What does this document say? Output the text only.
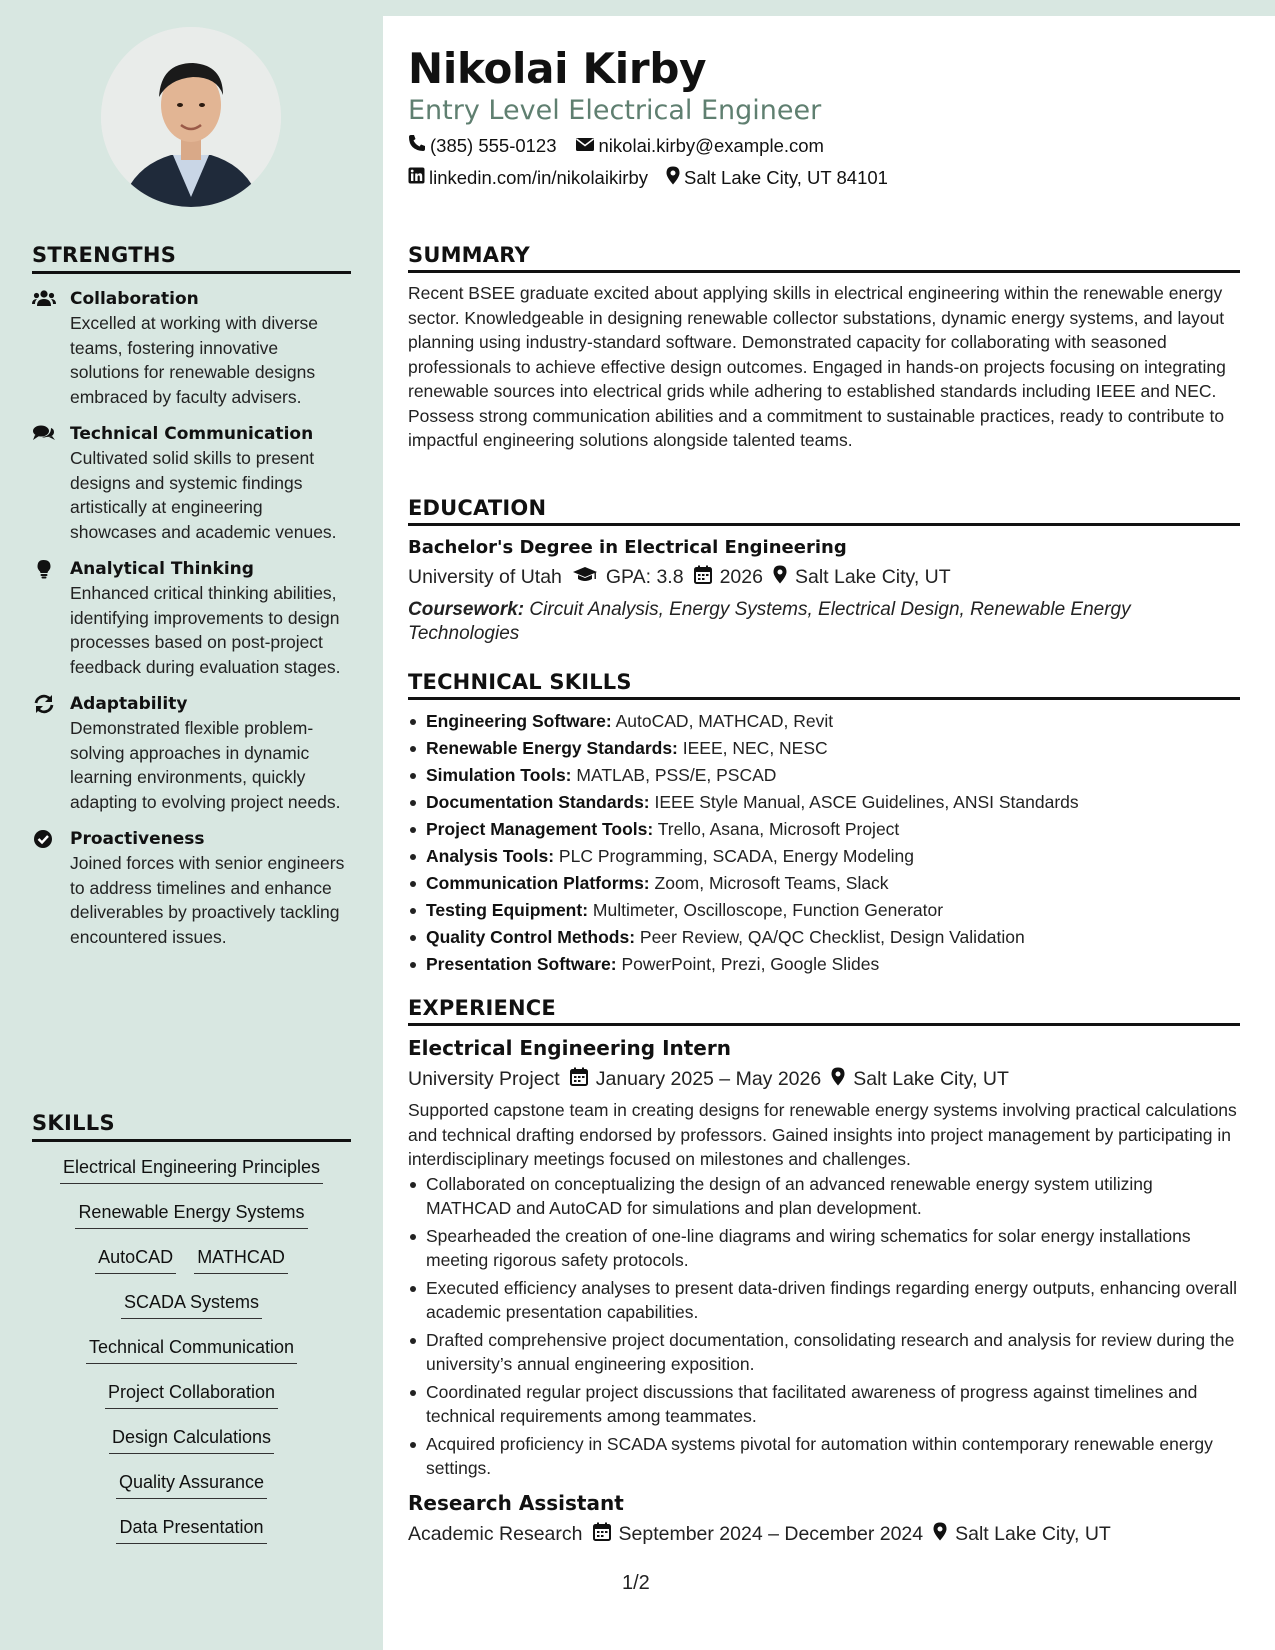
STRENGTHS
Collaboration
Excelled at working with diverse teams, fostering innovative solutions for renewable designs embraced by faculty advisers.
Technical Communication
Cultivated solid skills to present designs and systemic findings artistically at engineering showcases and academic venues.
Analytical Thinking
Enhanced critical thinking abilities, identifying improvements to design processes based on post-project feedback during evaluation stages.
Adaptability
Demonstrated flexible problem-solving approaches in dynamic learning environments, quickly adapting to evolving project needs.
Proactiveness
Joined forces with senior engineers to address timelines and enhance deliverables by proactively tackling encountered issues.
SKILLS
Electrical Engineering Principles
Renewable Energy Systems
AutoCAD MATHCAD
SCADA Systems
Technical Communication
Project Collaboration
Design Calculations
Quality Assurance
Data Presentation
Nikolai Kirby
Entry Level Electrical Engineer
(385) 555-0123 nikolai.kirby@example.com
linkedin.com/in/nikolaikirby Salt Lake City, UT 84101
SUMMARY

Recent BSEE graduate excited about applying skills in electrical engineering within the renewable energy sector. Knowledgeable in designing renewable collector substations, dynamic energy systems, and layout planning using industry-standard software. Demonstrated capacity for collaborating with seasoned professionals to achieve effective design outcomes. Engaged in hands-on projects focusing on integrating renewable sources into electrical grids while adhering to established standards including IEEE and NEC. Possess strong communication abilities and a commitment to sustainable practices, ready to contribute to impactful engineering solutions alongside talented teams.

EDUCATION
Bachelor's Degree in Electrical Engineering
University of Utah GPA: 3.8 2026 Salt Lake City, UT
Coursework: Circuit Analysis, Energy Systems, Electrical Design, Renewable Energy Technologies
TECHNICAL SKILLS
Engineering Software: AutoCAD, MATHCAD, Revit
Renewable Energy Standards: IEEE, NEC, NESC
Simulation Tools: MATLAB, PSS/E, PSCAD
Documentation Standards: IEEE Style Manual, ASCE Guidelines, ANSI Standards
Project Management Tools: Trello, Asana, Microsoft Project
Analysis Tools: PLC Programming, SCADA, Energy Modeling
Communication Platforms: Zoom, Microsoft Teams, Slack
Testing Equipment: Multimeter, Oscilloscope, Function Generator
Quality Control Methods: Peer Review, QA/QC Checklist, Design Validation
Presentation Software: PowerPoint, Prezi, Google Slides
EXPERIENCE
Electrical Engineering Intern
University Project January 2025 – May 2026 Salt Lake City, UT

Supported capstone team in creating designs for renewable energy systems involving practical calculations and technical drafting endorsed by professors. Gained insights into project management by participating in interdisciplinary meetings focused on milestones and challenges.

Collaborated on conceptualizing the design of an advanced renewable energy system utilizing MATHCAD and AutoCAD for simulations and plan development.
Spearheaded the creation of one-line diagrams and wiring schematics for solar energy installations meeting rigorous safety protocols.
Executed efficiency analyses to present data-driven findings regarding energy outputs, enhancing overall academic presentation capabilities.
Drafted comprehensive project documentation, consolidating research and analysis for review during the university’s annual engineering exposition.
Coordinated regular project discussions that facilitated awareness of progress against timelines and technical requirements among teammates.
Acquired proficiency in SCADA systems pivotal for automation within contemporary renewable energy settings.
Research Assistant
Academic Research September 2024 – December 2024 Salt Lake City, UT
1/2
